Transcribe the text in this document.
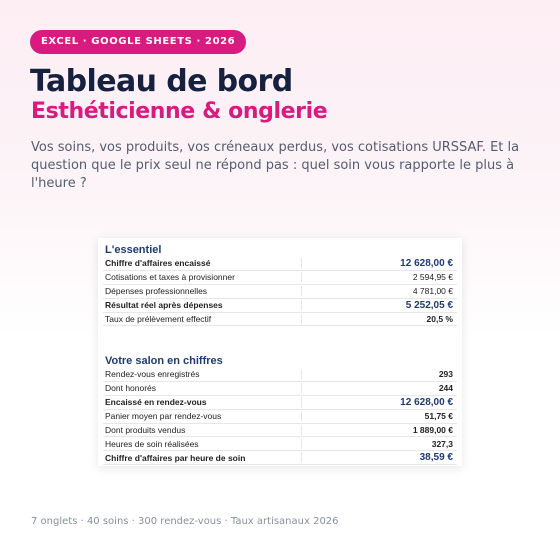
EXCEL · GOOGLE SHEETS · 2026
Tableau de bord
Esthéticienne & onglerie

Vos soins, vos produits, vos créneaux perdus, vos cotisations URSSAF. Et la question que le prix seul ne répond pas : quel soin vous rapporte le plus à l'heure ?

L'essentiel
Chiffre d'affaires encaissé	12 628,00 €
Cotisations et taxes à provisionner	2 594,95 €
Dépenses professionnelles	4 781,00 €
Résultat réel après dépenses	5 252,05 €
Taux de prélèvement effectif	20,5 %
Votre salon en chiffres
Rendez-vous enregistrés	293
Dont honorés	244
Encaissé en rendez-vous	12 628,00 €
Panier moyen par rendez-vous	51,75 €
Dont produits vendus	1 889,00 €
Heures de soin réalisées	327,3
Chiffre d'affaires par heure de soin	38,59 €

7 onglets · 40 soins · 300 rendez-vous · Taux artisanaux 2026
